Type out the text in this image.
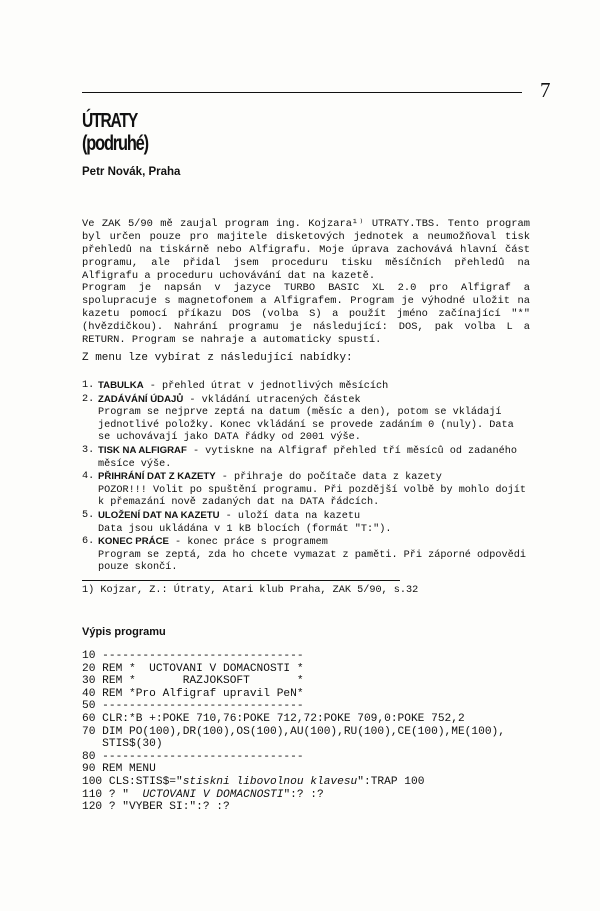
7
ÚTRATY
(podruhé)
Petr Novák, Praha
Ve ZAK 5/90 mě zaujal program ing. Kojzara¹⁾ UTRATY.TBS. Tento program byl určen pouze pro majitele disketových jednotek a neumožňoval tisk přehledů na tiskárně nebo Alfigrafu. Moje úprava zachovává hlavní část programu, ale přidal jsem proceduru tisku měsíčních přehledů na Alfigrafu a proceduru uchovávání dat na kazetě.
Program je napsán v jazyce TURBO BASIC XL 2.0 pro Alfigraf a spolupracuje s magnetofonem a Alfigrafem. Program je výhodné uložit na kazetu pomocí příkazu DOS (volba S) a použít jméno začínající "*" (hvězdičkou). Nahrání programu je následující: DOS, pak volba L a RETURN. Program se nahraje a automaticky spustí.
Z menu lze vybírat z následující nabídky:
1. TABULKA - přehled útrat v jednotlivých měsících
2. ZADÁVÁNÍ ÚDAJŮ - vkládání utracených částek
Program se nejprve zeptá na datum (měsíc a den), potom se vkládají jednotlivé položky. Konec vkládání se provede zadáním 0 (nuly). Data se uchovávají jako DATA řádky od 2001 výše.
3. TISK NA ALFIGRAF - vytiskne na Alfigraf přehled tří měsíců od zadaného měsíce výše.
4. PŘIHRÁNÍ DAT Z KAZETY - přihraje do počítače data z kazety
POZOR!!! Volit po spuštění programu. Při pozdější volbě by mohlo dojít k přemazání nově zadaných dat na DATA řádcích.
5. ULOŽENÍ DAT NA KAZETU - uloží data na kazetu
Data jsou ukládána v 1 kB blocích (formát "T:").
6. KONEC PRÁCE - konec práce s programem
Program se zeptá, zda ho chcete vymazat z paměti. Při záporné odpovědi pouze skončí.
1) Kojzar, Z.: Útraty, Atari klub Praha, ZAK 5/90, s.32
Výpis programu
10 ------------------------------
20 REM *  UCTOVANI V DOMACNOSTI *
30 REM *       RAZJOKSOFT       *
40 REM *Pro Alfigraf upravil PeN*
50 ------------------------------
60 CLR:*B +:POKE 710,76:POKE 712,72:POKE 709,0:POKE 752,2
70 DIM PO(100),DR(100),OS(100),AU(100),RU(100),CE(100),ME(100),
STIS$(30)
80 ------------------------------
90 REM MENU
100 CLS:STIS$="stiskni libovolnou klavesu":TRAP 100
110 ? "  UCTOVANI V DOMACNOSTI":? :?
120 ? "VYBER SI:":? :?
